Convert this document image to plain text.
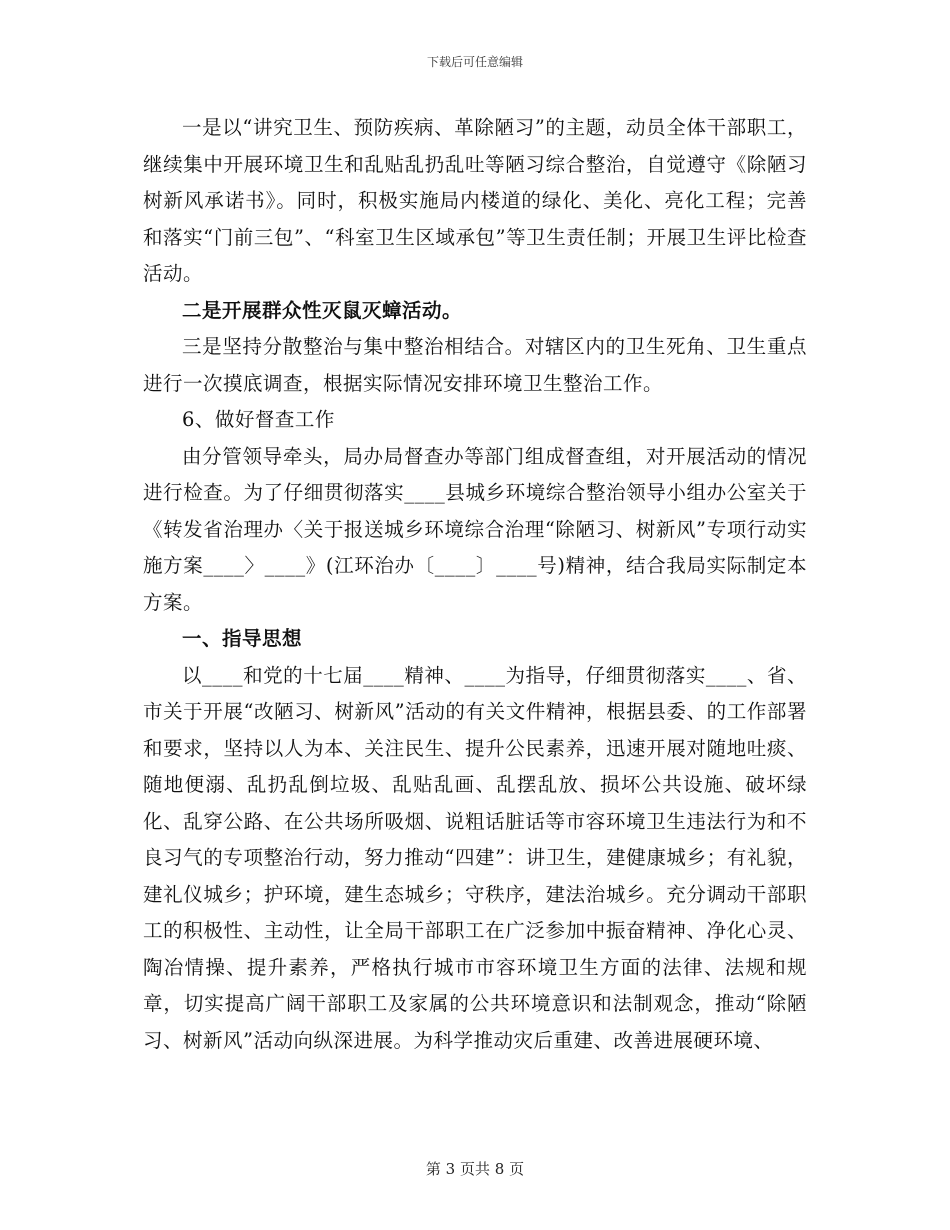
下载后可任意编辑

一是以“讲究卫生、预防疾病、革除陋习”的主题，动员全体干部职工，继续集中开展环境卫生和乱贴乱扔乱吐等陋习综合整治，自觉遵守《除陋习树新风承诺书》。同时，积极实施局内楼道的绿化、美化、亮化工程；完善和落实“门前三包”、“科室卫生区域承包”等卫生责任制；开展卫生评比检查活动。

二是开展群众性灭鼠灭蟑活动。

三是坚持分散整治与集中整治相结合。对辖区内的卫生死角、卫生重点进行一次摸底调查，根据实际情况安排环境卫生整治工作。

6、做好督查工作

由分管领导牵头，局办局督查办等部门组成督查组，对开展活动的情况进行检查。为了仔细贯彻落实____县城乡环境综合整治领导小组办公室关于《转发省治理办〈关于报送城乡环境综合治理“除陋习、树新风”专项行动实施方案____〉____》(江环治办〔____〕____号)精神，结合我局实际制定本方案。

一、指导思想

以____和党的十七届____精神、____为指导，仔细贯彻落实____、省、市关于开展“改陋习、树新风”活动的有关文件精神，根据县委、的工作部署和要求，坚持以人为本、关注民生、提升公民素养，迅速开展对随地吐痰、随地便溺、乱扔乱倒垃圾、乱贴乱画、乱摆乱放、损坏公共设施、破坏绿化、乱穿公路、在公共场所吸烟、说粗话脏话等市容环境卫生违法行为和不良习气的专项整治行动，努力推动“四建”：讲卫生，建健康城乡；有礼貌，建礼仪城乡；护环境，建生态城乡；守秩序，建法治城乡。充分调动干部职工的积极性、主动性，让全局干部职工在广泛参加中振奋精神、净化心灵、陶冶情操、提升素养，严格执行城市市容环境卫生方面的法律、法规和规章，切实提高广阔干部职工及家属的公共环境意识和法制观念，推动“除陋习、树新风”活动向纵深进展。为科学推动灾后重建、改善进展硬环境、

第 3 页共 8 页
